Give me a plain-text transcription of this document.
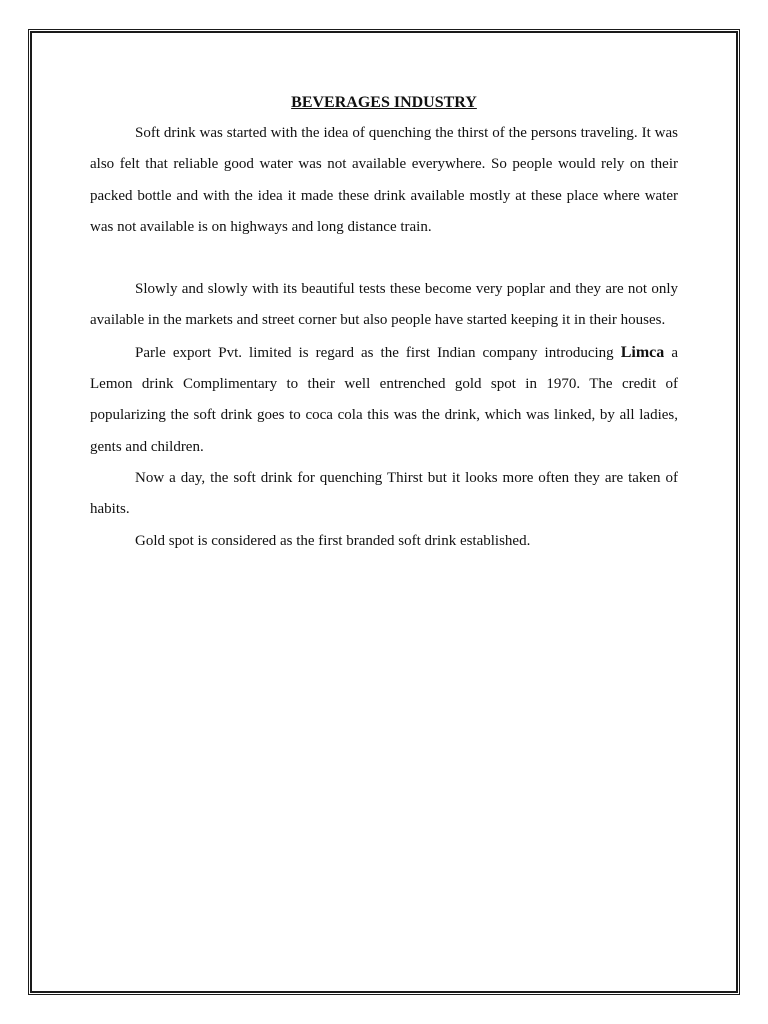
BEVERAGES INDUSTRY

Soft drink was started with the idea of quenching the thirst of the persons traveling. It was also felt that reliable good water was not available everywhere. So people would rely on their packed bottle and with the idea it made these drink available mostly at these place where water was not available is on highways and long distance train.

Slowly and slowly with its beautiful tests these become very poplar and they are not only available in the markets and street corner but also people have started keeping it in their houses.

Parle export Pvt. limited is regard as the first Indian company introducing Limca a Lemon drink Complimentary to their well entrenched gold spot in 1970. The credit of popularizing the soft drink goes to coca cola this was the drink, which was linked, by all ladies, gents and children.

Now a day, the soft drink for quenching Thirst but it looks more often they are taken of habits.

Gold spot is considered as the first branded soft drink established.
